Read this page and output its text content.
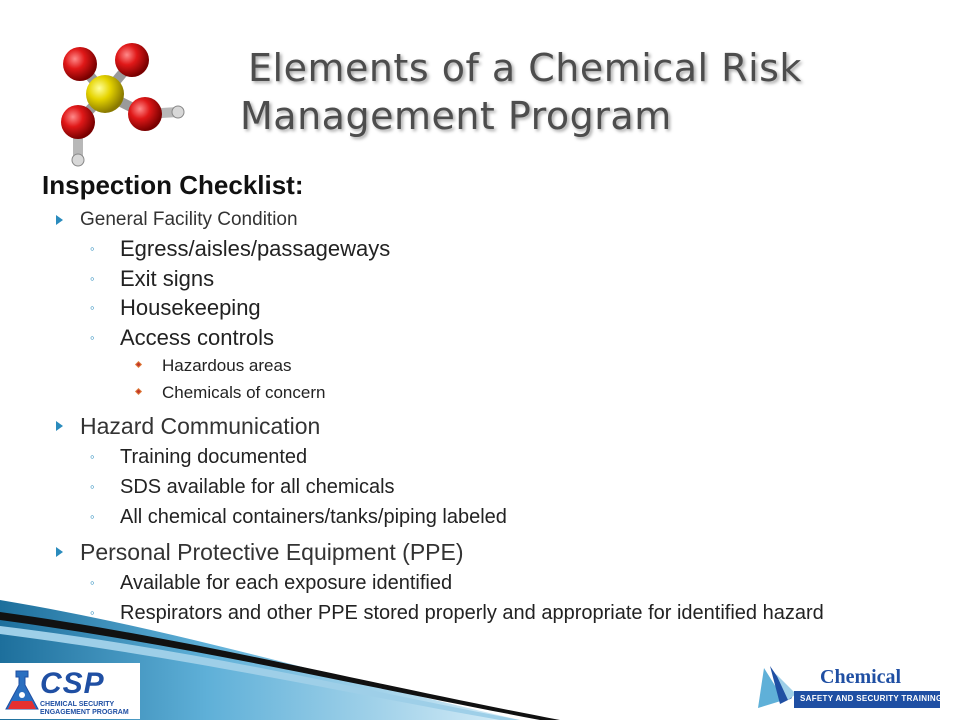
Elements of a Chemical Risk
Management Program
Inspection Checklist:
General Facility Condition
◦ Egress/aisles/passageways
◦ Exit signs
◦ Housekeeping
◦ Access controls
Hazardous areas
Chemicals of concern
Hazard Communication
◦ Training documented
◦ SDS available for all chemicals
◦ All chemical containers/tanks/piping labeled
Personal Protective Equipment (PPE)
◦ Available for each exposure identified
◦ Respirators and other PPE stored properly and appropriate for identified hazard
CSP
CHEMICAL SECURITY
ENGAGEMENT PROGRAM
Chemical
SAFETY AND SECURITY TRAINING
